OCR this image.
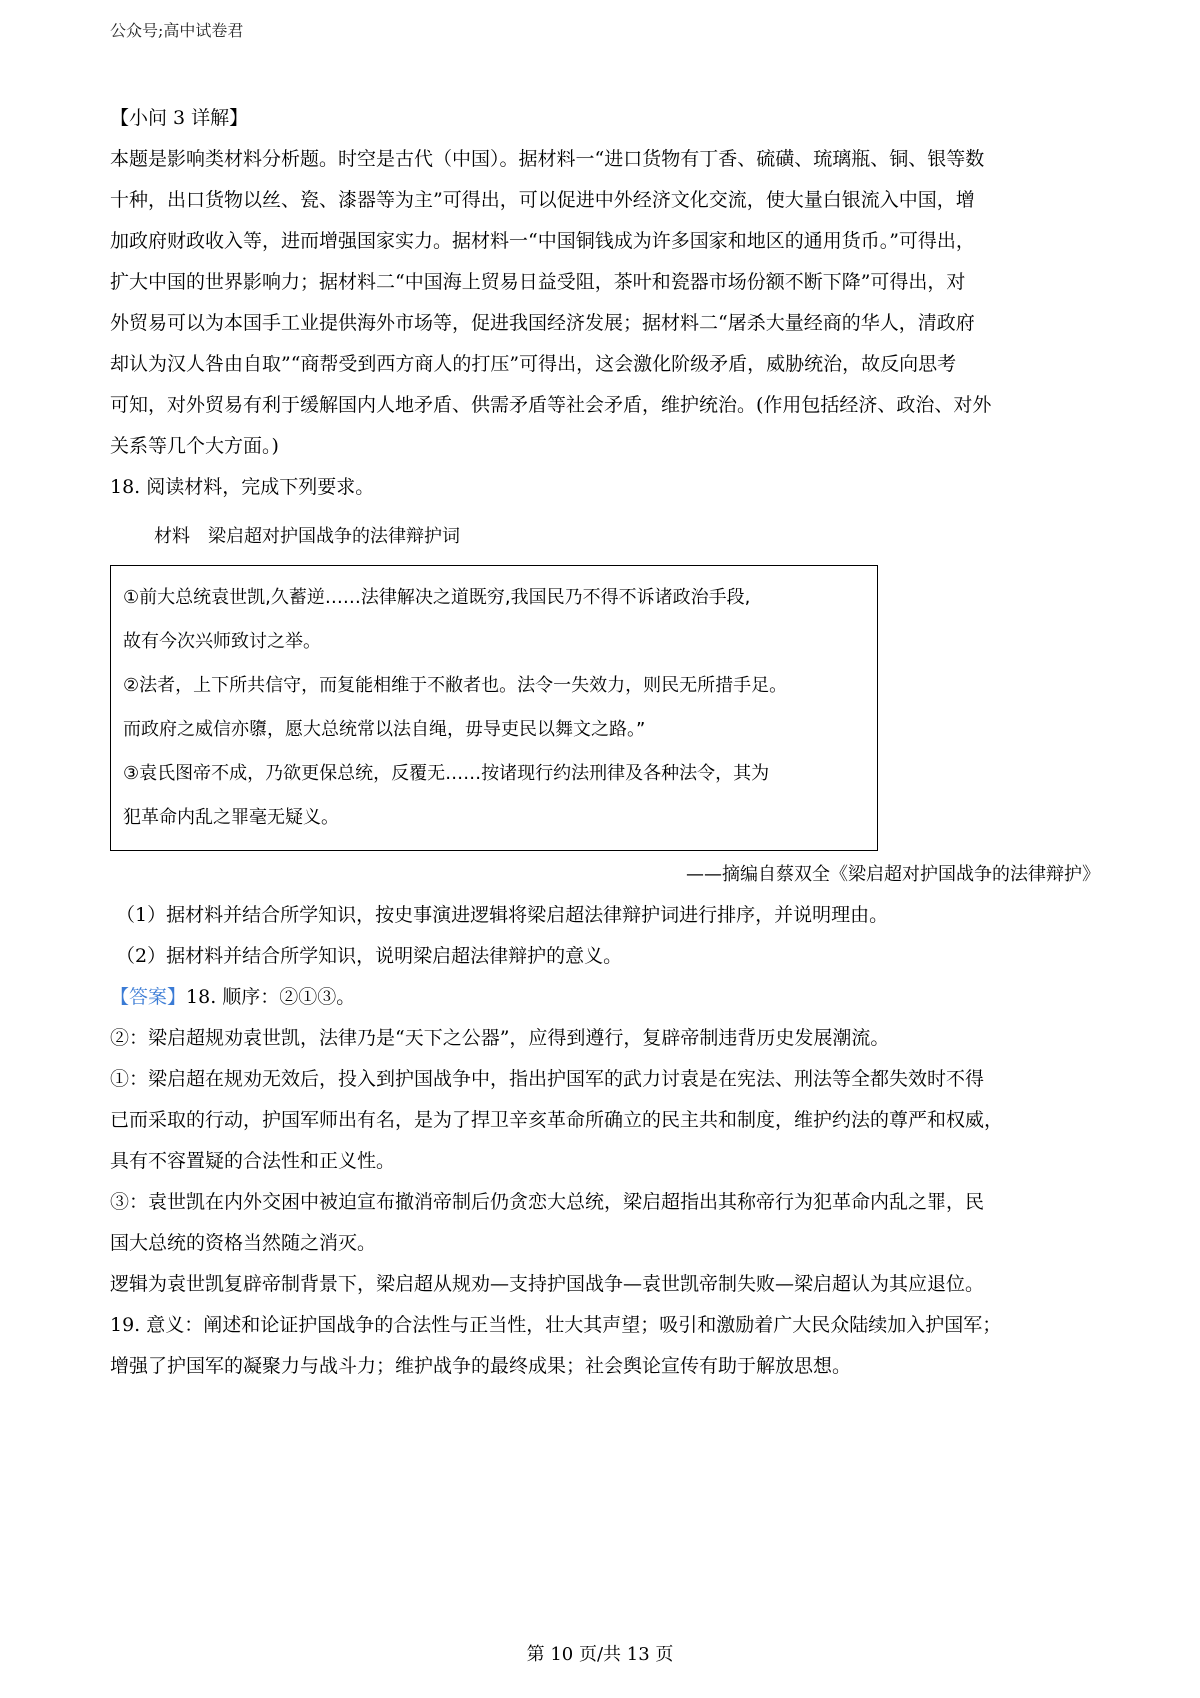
公众号;高中试卷君

【小问 3 详解】

本题是影响类材料分析题。时空是古代（中国）。据材料一“进口货物有丁香、硫磺、琉璃瓶、铜、银等数

十种，出口货物以丝、瓷、漆器等为主”可得出，可以促进中外经济文化交流，使大量白银流入中国，增

加政府财政收入等，进而增强国家实力。据材料一“中国铜钱成为许多国家和地区的通用货币。”可得出，

扩大中国的世界影响力；据材料二“中国海上贸易日益受阻，茶叶和瓷器市场份额不断下降”可得出，对

外贸易可以为本国手工业提供海外市场等，促进我国经济发展；据材料二“屠杀大量经商的华人，清政府

却认为汉人咎由自取”“商帮受到西方商人的打压”可得出，这会激化阶级矛盾，威胁统治，故反向思考

可知，对外贸易有利于缓解国内人地矛盾、供需矛盾等社会矛盾，维护统治。(作用包括经济、政治、对外

关系等几个大方面。)

18. 阅读材料，完成下列要求。

材料　梁启超对护国战争的法律辩护词
①前大总统袁世凯,久蓄逆……法律解决之道既穷,我国民乃不得不诉诸政治手段,
故有今次兴师致讨之举。
②法者，上下所共信守，而复能相维于不敝者也。法令一失效力，则民无所措手足。
而政府之威信亦隳，愿大总统常以法自绳，毋导吏民以舞文之路。”
③袁氏图帝不成，乃欲更保总统，反覆无……按诸现行约法刑律及各种法令，其为
犯革命内乱之罪毫无疑义。
——摘编自蔡双全《梁启超对护国战争的法律辩护》

（1）据材料并结合所学知识，按史事演进逻辑将梁启超法律辩护词进行排序，并说明理由。

（2）据材料并结合所学知识，说明梁启超法律辩护的意义。

【答案】18. 顺序：②①③。

②：梁启超规劝袁世凯，法律乃是“天下之公器”，应得到遵行，复辟帝制违背历史发展潮流。

①：梁启超在规劝无效后，投入到护国战争中，指出护国军的武力讨袁是在宪法、刑法等全都失效时不得

已而采取的行动，护国军师出有名，是为了捍卫辛亥革命所确立的民主共和制度，维护约法的尊严和权威，

具有不容置疑的合法性和正义性。

③：袁世凯在内外交困中被迫宣布撤消帝制后仍贪恋大总统，梁启超指出其称帝行为犯革命内乱之罪，民

国大总统的资格当然随之消灭。

逻辑为袁世凯复辟帝制背景下，梁启超从规劝—支持护国战争—袁世凯帝制失败—梁启超认为其应退位。

19. 意义：阐述和论证护国战争的合法性与正当性，壮大其声望；吸引和激励着广大民众陆续加入护国军；

增强了护国军的凝聚力与战斗力；维护战争的最终成果；社会舆论宣传有助于解放思想。

第 10 页/共 13 页
